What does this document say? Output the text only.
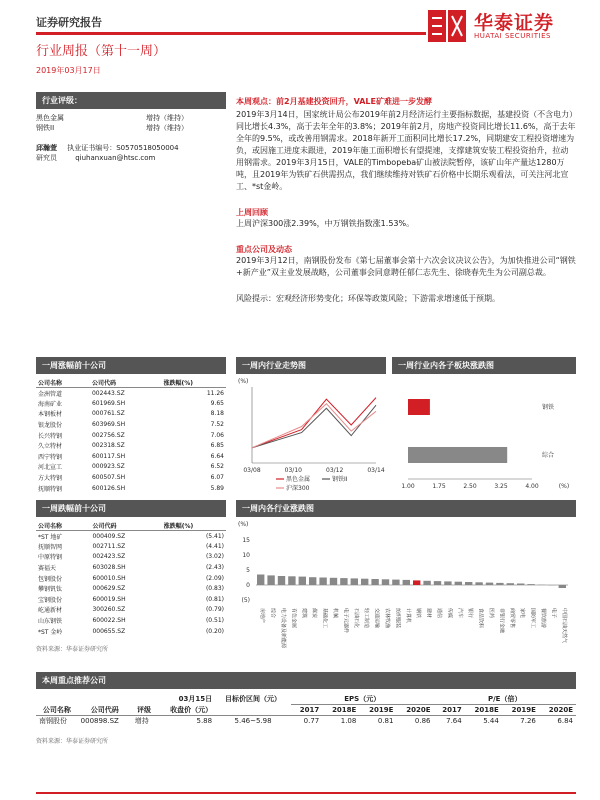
证券研究报告	华泰证券
HUATAI SECURITIES
行业周报（第十一周）
2019年03月17日
行业评级：
黑色金属	增持（维持）
钢铁II	增持（维持）
邱瀚萱 执业证书编号：S0570518050004
研究员	qiuhanxuan@htsc.com
本周观点：前2月基建投资回升，VALE矿难进一步发酵
2019年3月14日，国家统计局公布2019年前2月经济运行主要指标数据，基建投资（不含电力）同比增长4.3%，高于去年全年的3.8%；2019年前2月，房地产投资同比增长11.6%，高于去年全年的9.5%，或改善用钢需求。2018年新开工面积同比增长17.2%，同期建安工程投资增速为负，或因施工进度未跟进，2019年施工面积增长有望提速，支撑建筑安装工程投资抬升，拉动用钢需求。2019年3月15日，VALE的Timbopeba矿山被法院暂停，该矿山年产量达1280万吨，且2019年为铁矿石供需拐点，我们继续维持对铁矿石价格中长期乐观看法，可关注河北宣工、*st金岭。
上周回顾
上周沪深300涨2.39%，中万钢铁指数涨1.53%。
重点公司及动态
2019年3月12日，南钢股份发布《第七届董事会第十六次会议决议公告》，为加快推进公司“钢铁+新产业”双主业发展战略，公司董事会同意聘任郁仁志先生、徐晓春先生为公司副总裁。
风险提示：宏观经济形势变化；环保等政策风险；下游需求增速低于预期。
一周涨幅前十公司
公司名称	公司代码	涨跌幅(%)
金洲管道	002443.SZ	11.26
海南矿业	601969.SH	9.65
本钢板材	000761.SZ	8.18
银龙股份	603969.SH	7.52
长兴特钢	002756.SZ	7.06
久立特材	002318.SZ	6.85
西宁特钢	600117.SH	6.64
河北宣工	000923.SZ	6.52
方大特钢	600507.SH	6.07
抚顺特钢	600126.SH	5.89
一周跌幅前十公司
公司名称	公司代码	涨跌幅(%)
*ST 地矿	000409.SZ	(5.41)
抚顺智网	002711.SZ	(4.41)
中原特钢	002423.SZ	(3.02)
赛福天	603028.SH	(2.43)
包钢股份	600010.SH	(2.09)
攀钢钒钛	000629.SZ	(0.83)
宝钢股份	600019.SH	(0.81)
屹通新材	300260.SZ	(0.79)
山东钢铁	600022.SH	(0.51)
*ST 金岭	000655.SZ	(0.20)
资料来源：华泰证券研究所
一周内行业走势图
(%)
03/08	03/10	03/12	03/14
黑色金属	钢铁II
沪深300
一周行业内各子板块涨跌图
钢铁
综合
1.00	1.75	2.50	3.25	4.00	(%)
一周内各行业涨跌图
(%)
15
10
5
0
(5)
房地产 综合 电力设备及新能源 有色金属 建筑 煤炭 基础化工 机械 电子元器件 石油石化 轻工制造 交通运输 农林牧渔 纺织服装 计算机 钢铁 建材 通信 传媒 汽车 银行 食品饮料 医药 非银行金融 商贸零售 家电 国防军工 餐饮旅游 电子 中国石油天然气
本周重点推荐公司
			03月15日	目标价区间（元）	EPS（元）				P/E（倍）			
公司名称	公司代码	评级	收盘价（元）		2017	2018E	2019E	2020E	2017	2018E	2019E	2020E
南钢股份	000898.SZ	增持	5.88	5.46~5.98	0.77	1.08	0.81	0.86	7.64	5.44	7.26	6.84
资料来源：华泰证券研究所
